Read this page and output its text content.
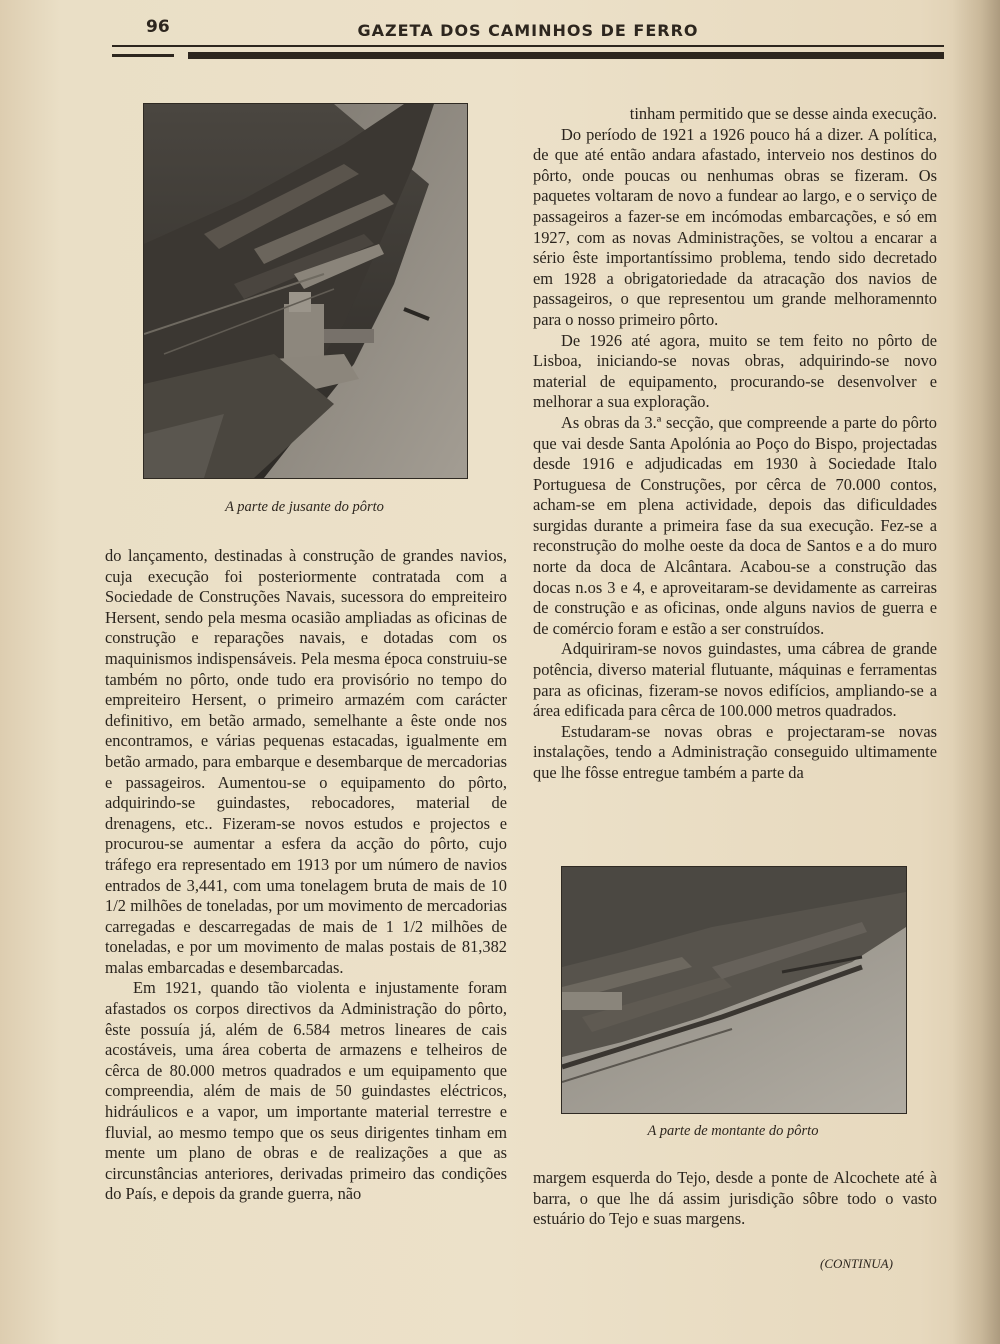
96	GAZETA DOS CAMINHOS DE FERRO
A parte de jusante do pôrto

do lançamento, destinadas à construção de grandes navios, cuja execução foi posteriormente contratada com a Sociedade de Construções Navais, sucessora do empreiteiro Hersent, sendo pela mesma ocasião ampliadas as oficinas de construção e reparações navais, e dotadas com os maquinismos indispensáveis. Pela mesma época construiu-se também no pôrto, onde tudo era provisório no tempo do empreiteiro Hersent, o primeiro armazém com carácter definitivo, em betão armado, semelhante a êste onde nos encontramos, e várias pequenas estacadas, igualmente em betão armado, para embarque e desembarque de mercadorias e passageiros. Aumentou-se o equipamento do pôrto, adquirindo-se guindastes, rebocadores, material de drenagens, etc.. Fizeram-se novos estudos e projectos e procurou-se aumentar a esfera da acção do pôrto, cujo tráfego era representado em 1913 por um número de navios entrados de 3,441, com uma tonelagem bruta de mais de 10 1/2 milhões de toneladas, por um movimento de mercadorias carregadas e descarregadas de mais de 1 1/2 milhões de toneladas, e por um movimento de malas postais de 81,382 malas embarcadas e desembarcadas.

Em 1921, quando tão violenta e injustamente foram afastados os corpos directivos da Administração do pôrto, êste possuía já, além de 6.584 metros lineares de cais acostáveis, uma área coberta de armazens e telheiros de cêrca de 80.000 metros quadrados e um equipamento que compreendia, além de mais de 50 guindastes eléctricos, hidráulicos e a vapor, um importante material terrestre e fluvial, ao mesmo tempo que os seus dirigentes tinham em mente um plano de obras e de realizações a que as circunstâncias anteriores, derivadas primeiro das condições do País, e depois da grande guerra, não

tinham permitido que se desse ainda execução.

Do período de 1921 a 1926 pouco há a dizer. A política, de que até então andara afastado, interveio nos destinos do pôrto, onde poucas ou nenhumas obras se fizeram. Os paquetes voltaram de novo a fundear ao largo, e o serviço de passageiros a fazer-se em incómodas embarcações, e só em 1927, com as novas Administrações, se voltou a encarar a sério êste importantíssimo problema, tendo sido decretado em 1928 a obrigatoriedade da atracação dos navios de passageiros, o que representou um grande melhoramennto para o nosso primeiro pôrto.

De 1926 até agora, muito se tem feito no pôrto de Lisboa, iniciando-se novas obras, adquirindo-se novo material de equipamento, procurando-se desenvolver e melhorar a sua exploração.

As obras da 3.ª secção, que compreende a parte do pôrto que vai desde Santa Apolónia ao Poço do Bispo, projectadas desde 1916 e adjudicadas em 1930 à Sociedade Italo Portuguesa de Construções, por cêrca de 70.000 contos, acham-se em plena actividade, depois das dificuldades surgidas durante a primeira fase da sua execução. Fez-se a reconstrução do molhe oeste da doca de Santos e a do muro norte da doca de Alcântara. Acabou-se a construção das docas n.os 3 e 4, e aproveitaram-se devidamente as carreiras de construção e as oficinas, onde alguns navios de guerra e de comércio foram e estão a ser construídos.

Adquiriram-se novos guindastes, uma cábrea de grande potência, diverso material flutuante, máquinas e ferramentas para as oficinas, fizeram-se novos edifícios, ampliando-se a área edificada para cêrca de 100.000 metros quadrados.

Estudaram-se novas obras e projectaram-se novas instalações, tendo a Administração conseguido ultimamente que lhe fôsse entregue também a parte da

A parte de montante do pôrto

margem esquerda do Tejo, desde a ponte de Alcochete até à barra, o que lhe dá assim jurisdição sôbre todo o vasto estuário do Tejo e suas margens.

(CONTINUA)
